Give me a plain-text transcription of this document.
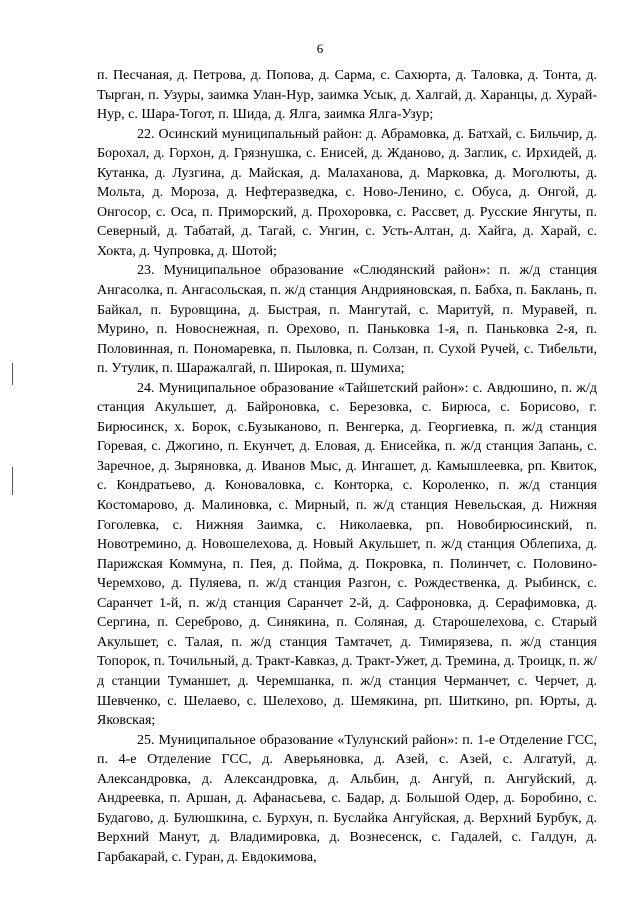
6

п. Песчаная, д. Петрова, д. Попова, д. Сарма, с. Сахюрта, д. Таловка, д. Тонта, д. Тырган, п. Узуры, заимка Улан-Нур, заимка Усык, д. Халгай, д. Харанцы, д. Хурай-Нур, с. Шара-Тогот, п. Шида, д. Ялга, заимка Ялга-Узур;

22. Осинский муниципальный район: д. Абрамовка, д. Батхай, с. Бильчир, д. Борохал, д. Горхон, д. Грязнушка, с. Енисей, д. Жданово, д. Заглик, с. Ирхидей, д. Кутанка, д. Лузгина, д. Майская, д. Малаханова, д. Марковка, д. Моголюты, д. Мольта, д. Мороза, д. Нефтеразведка, с. Ново-Ленино, с. Обуса, д. Онгой, д. Онгосор, с. Оса, п. Приморский, д. Прохоровка, с. Рассвет, д. Русские Янгуты, п. Северный, д. Табатай, д. Тагай, с. Унгин, с. Усть-Алтан, д. Хайга, д. Харай, с. Хокта, д. Чупровка, д. Шотой;

23. Муниципальное образование «Слюдянский район»: п. ж/д станция Ангасолка, п. Ангасольская, п. ж/д станция Андрияновская, п. Бабха, п. Баклань, п. Байкал, п. Буровщина, д. Быстрая, п. Мангутай, с. Маритуй, п. Муравей, п. Мурино, п. Новоснежная, п. Орехово, п. Паньковка 1-я, п. Паньковка 2-я, п. Половинная, п. Пономаревка, п. Пыловка, п. Солзан, п. Сухой Ручей, с. Тибельти, п. Утулик, п. Шаражалгай, п. Широкая, п. Шумиха;

24. Муниципальное образование «Тайшетский район»: с. Авдюшино, п. ж/д станция Акульшет, д. Байроновка, с. Березовка, с. Бирюса, с. Борисово, г. Бирюсинск, х. Борок, с.Бузыканово, п. Венгерка, д. Георгиевка, п. ж/д станция Горевая, с. Джогино, п. Екунчет, д. Еловая, д. Енисейка, п. ж/д станция Запань, с. Заречное, д. Зыряновка, д. Иванов Мыс, д. Ингашет, д. Камышлеевка, рп. Квиток, с. Кондратьево, д. Коноваловка, с. Конторка, с. Короленко, п. ж/д станция Костомарово, д. Малиновка, с. Мирный, п. ж/д станция Невельская, д. Нижняя Гоголевка, с. Нижняя Заимка, с. Николаевка, рп. Новобирюсинский, п. Новотремино, д. Новошелехова, д. Новый Акульшет, п. ж/д станция Облепиха, д. Парижская Коммуна, п. Пея, д. Пойма, д. Покровка, п. Полинчет, с. Половино-Черемхово, д. Пуляева, п. ж/д станция Разгон, с. Рождественка, д. Рыбинск, с. Саранчет 1-й, п. ж/д станция Саранчет 2-й, д. Сафроновка, д. Серафимовка, д. Сергина, п. Сереброво, д. Синякина, п. Соляная, д. Старошелехова, с. Старый Акульшет, с. Талая, п. ж/д станция Тамтачет, д. Тимирязева, п. ж/д станция Топорок, п. Точильный, д. Тракт-Кавказ, д. Тракт-Ужет, д. Тремина, д. Троицк, п. ж/д станции Туманшет, д. Черемшанка, п. ж/д станция Черманчет, с. Черчет, д. Шевченко, с. Шелаево, с. Шелехово, д. Шемякина, рп. Шиткино, рп. Юрты, д. Яковская;

25. Муниципальное образование «Тулунский район»: п. 1-е Отделение ГСС, п. 4-е Отделение ГСС, д. Аверьяновка, д. Азей, с. Азей, с. Алгатуй, д. Александровка, д. Александровка, д. Альбин, д. Ангуй, п. Ангуйский, д. Андреевка, п. Аршан, д. Афанасьева, с. Бадар, д. Большой Одер, д. Боробино, с. Будагово, д. Булюшкина, с. Бурхун, п. Буслайка Ангуйская, д. Верхний Бурбук, д. Верхний Манут, д. Владимировка, д. Вознесенск, с. Гадалей, с. Галдун, д. Гарбакарай, с. Гуран, д. Евдокимова,
